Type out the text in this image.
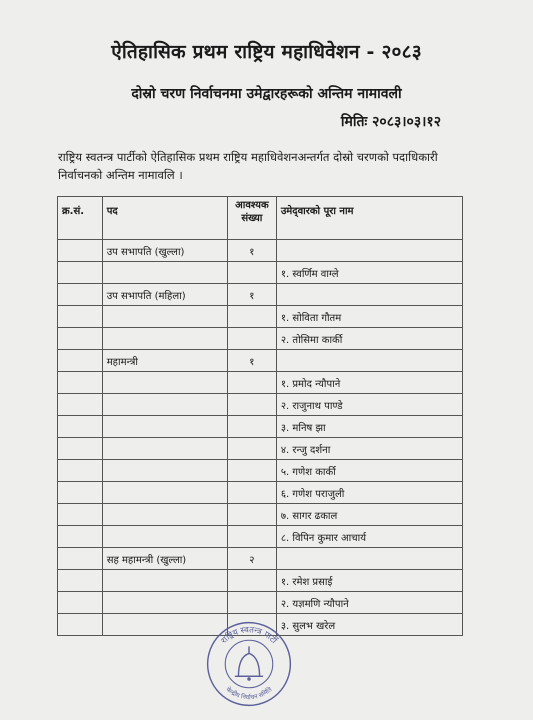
ऐतिहासिक प्रथम राष्ट्रिय महाधिवेशन - २०८३
दोस्रो चरण निर्वाचनमा उमेद्वारहरूको अन्तिम नामावली
मितिः २०८३।०३।१२
राष्ट्रिय स्वतन्त्र पार्टीको ऐतिहासिक प्रथम राष्ट्रिय महाधिवेशनअन्तर्गत दोस्रो चरणको पदाधिकारी निर्वाचनको अन्तिम नामावलि ।
क्र.सं.	पद	आवश्यक संख्या	उमेद्‌वारको पूरा नाम
	उप सभापति (खुल्ला)	१	
			१. स्वर्णिम वाग्ले
	उप सभापति (महिला)	१	
			१. सोविता गौतम
			२. तोसिमा कार्की
	महामन्त्री	१	
			१. प्रमोद न्यौपाने
			२. राजुनाथ पाण्डे
			३. मनिष झा
			४. रन्जु दर्शना
			५. गणेश कार्की
			६. गणेश पराजुली
			७. सागर ढकाल
			८. विपिन कुमार आचार्य
	सह महामन्त्री (खुल्ला)	२	
			१. रमेश प्रसाई
			२. यज्ञमणि न्यौपाने
			३. सुलभ खरेल
राष्ट्रिय स्वतन्त्र पार्टी
केन्द्रीय निर्वाचन समिति
